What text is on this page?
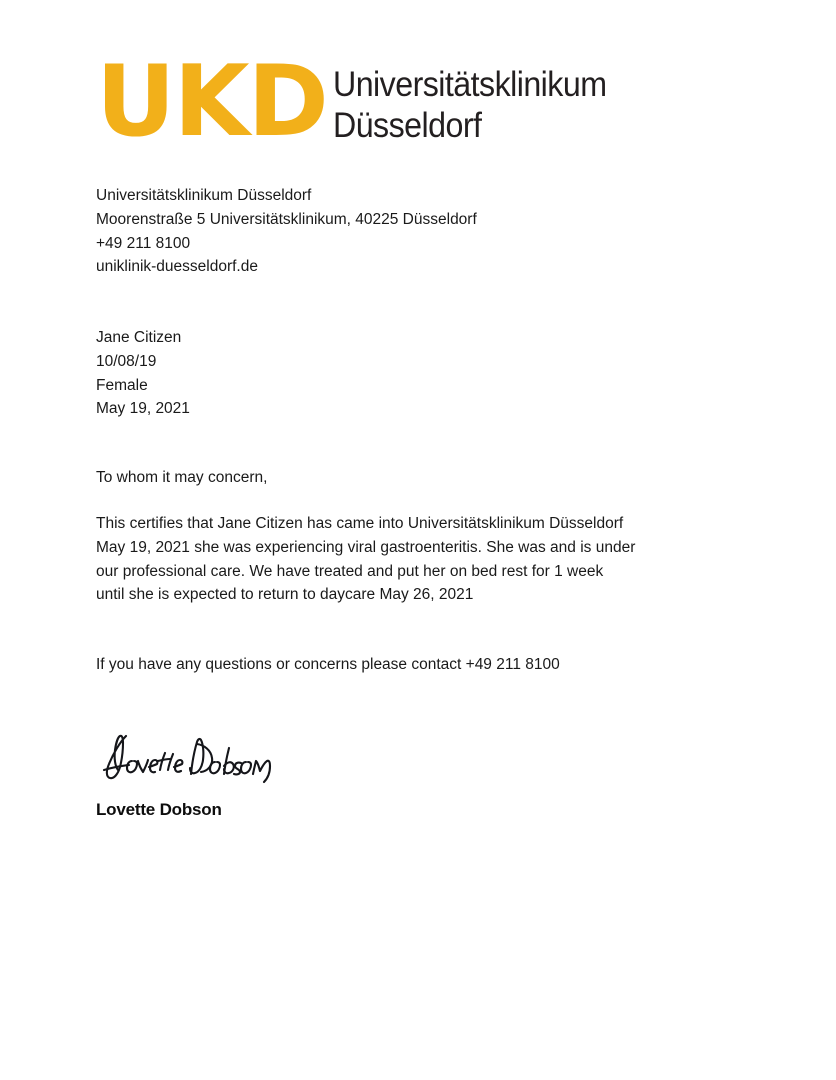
UKD Universitätsklinikum
Düsseldorf
Universitätsklinikum Düsseldorf
Moorenstraße 5 Universitätsklinikum, 40225 Düsseldorf
+49 211 8100
uniklinik-duesseldorf.de
Jane Citizen
10/08/19
Female
May 19, 2021
To whom it may concern,
This certifies that Jane Citizen has came into Universitätsklinikum Düsseldorf
May 19, 2021 she was experiencing viral gastroenteritis. She was and is under
our professional care. We have treated and put her on bed rest for 1 week
until she is expected to return to daycare May 26, 2021
If you have any questions or concerns please contact +49 211 8100
Lovette Dobson
